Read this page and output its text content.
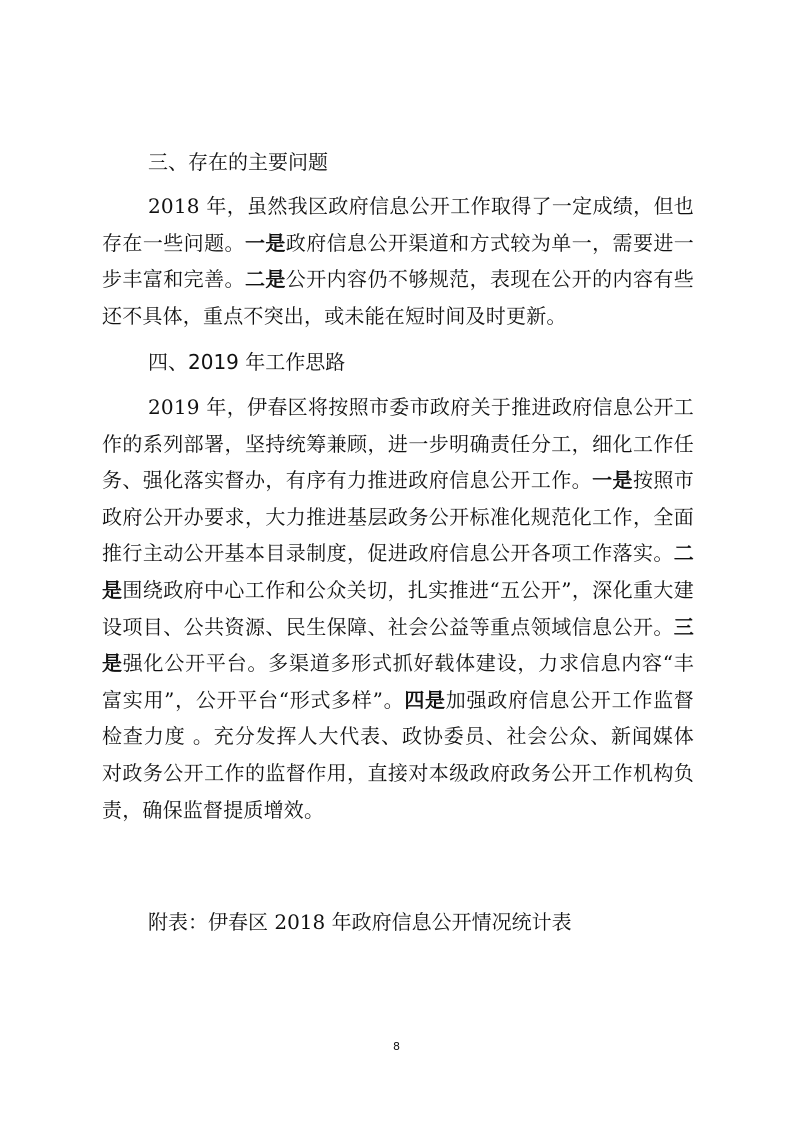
三、存在的主要问题

2018 年，虽然我区政府信息公开工作取得了一定成绩，但也存在一些问题。一是政府信息公开渠道和方式较为单一，需要进一步丰富和完善。二是公开内容仍不够规范，表现在公开的内容有些还不具体，重点不突出，或未能在短时间及时更新。

四、2019 年工作思路

2019 年，伊春区将按照市委市政府关于推进政府信息公开工作的系列部署，坚持统筹兼顾，进一步明确责任分工，细化工作任务、强化落实督办，有序有力推进政府信息公开工作。一是按照市政府公开办要求，大力推进基层政务公开标准化规范化工作，全面推行主动公开基本目录制度，促进政府信息公开各项工作落实。二是围绕政府中心工作和公众关切，扎实推进“五公开”，深化重大建设项目、公共资源、民生保障、社会公益等重点领域信息公开。三是强化公开平台。多渠道多形式抓好载体建设，力求信息内容“丰富实用”，公开平台“形式多样”。四是加强政府信息公开工作监督检查力度 。充分发挥人大代表、政协委员、社会公众、新闻媒体对政务公开工作的监督作用，直接对本级政府政务公开工作机构负责，确保监督提质增效。

附表：伊春区 2018 年政府信息公开情况统计表

8
